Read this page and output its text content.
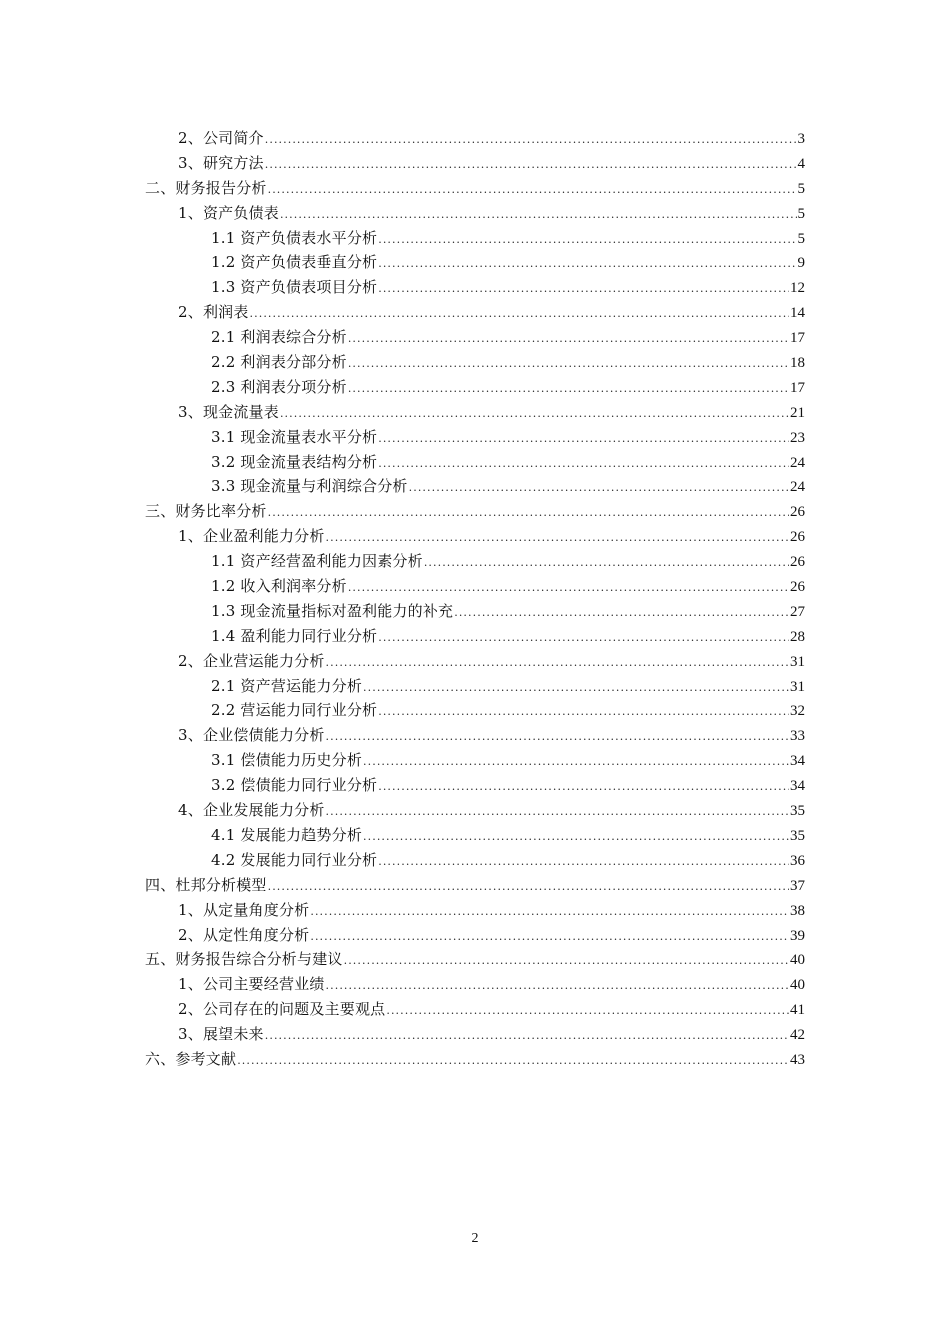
2、公司简介 .....	3
3、研究方法 .....	4
二、财务报告分析 .....	5
1、资产负债表 .....	5
1.1 资产负债表水平分析 .....	5
1.2 资产负债表垂直分析 .....	9
1.3 资产负债表项目分析 .....	12
2、利润表 .....	14
2.1 利润表综合分析 .....	17
2.2 利润表分部分析 .....	18
2.3 利润表分项分析 .....	17
3、现金流量表 .....	21
3.1 现金流量表水平分析 .....	23
3.2 现金流量表结构分析 .....	24
3.3 现金流量与利润综合分析 .....	24
三、财务比率分析 .....	26
1、企业盈利能力分析 .....	26
1.1 资产经营盈利能力因素分析 .....	26
1.2 收入利润率分析 .....	26
1.3 现金流量指标对盈利能力的补充 .....	27
1.4 盈利能力同行业分析 .....	28
2、企业营运能力分析 .....	31
2.1 资产营运能力分析 .....	31
2.2 营运能力同行业分析 .....	32
3、企业偿债能力分析 .....	33
3.1 偿债能力历史分析 .....	34
3.2 偿债能力同行业分析 .....	34
4、企业发展能力分析 .....	35
4.1 发展能力趋势分析 .....	35
4.2 发展能力同行业分析 .....	36
四、杜邦分析模型 .....	37
1、从定量角度分析 .....	38
2、从定性角度分析 .....	39
五、财务报告综合分析与建议 .....	40
1、公司主要经营业绩 .....	40
2、公司存在的问题及主要观点 .....	41
3、展望未来 .....	42
六、参考文献 .....	43
2
